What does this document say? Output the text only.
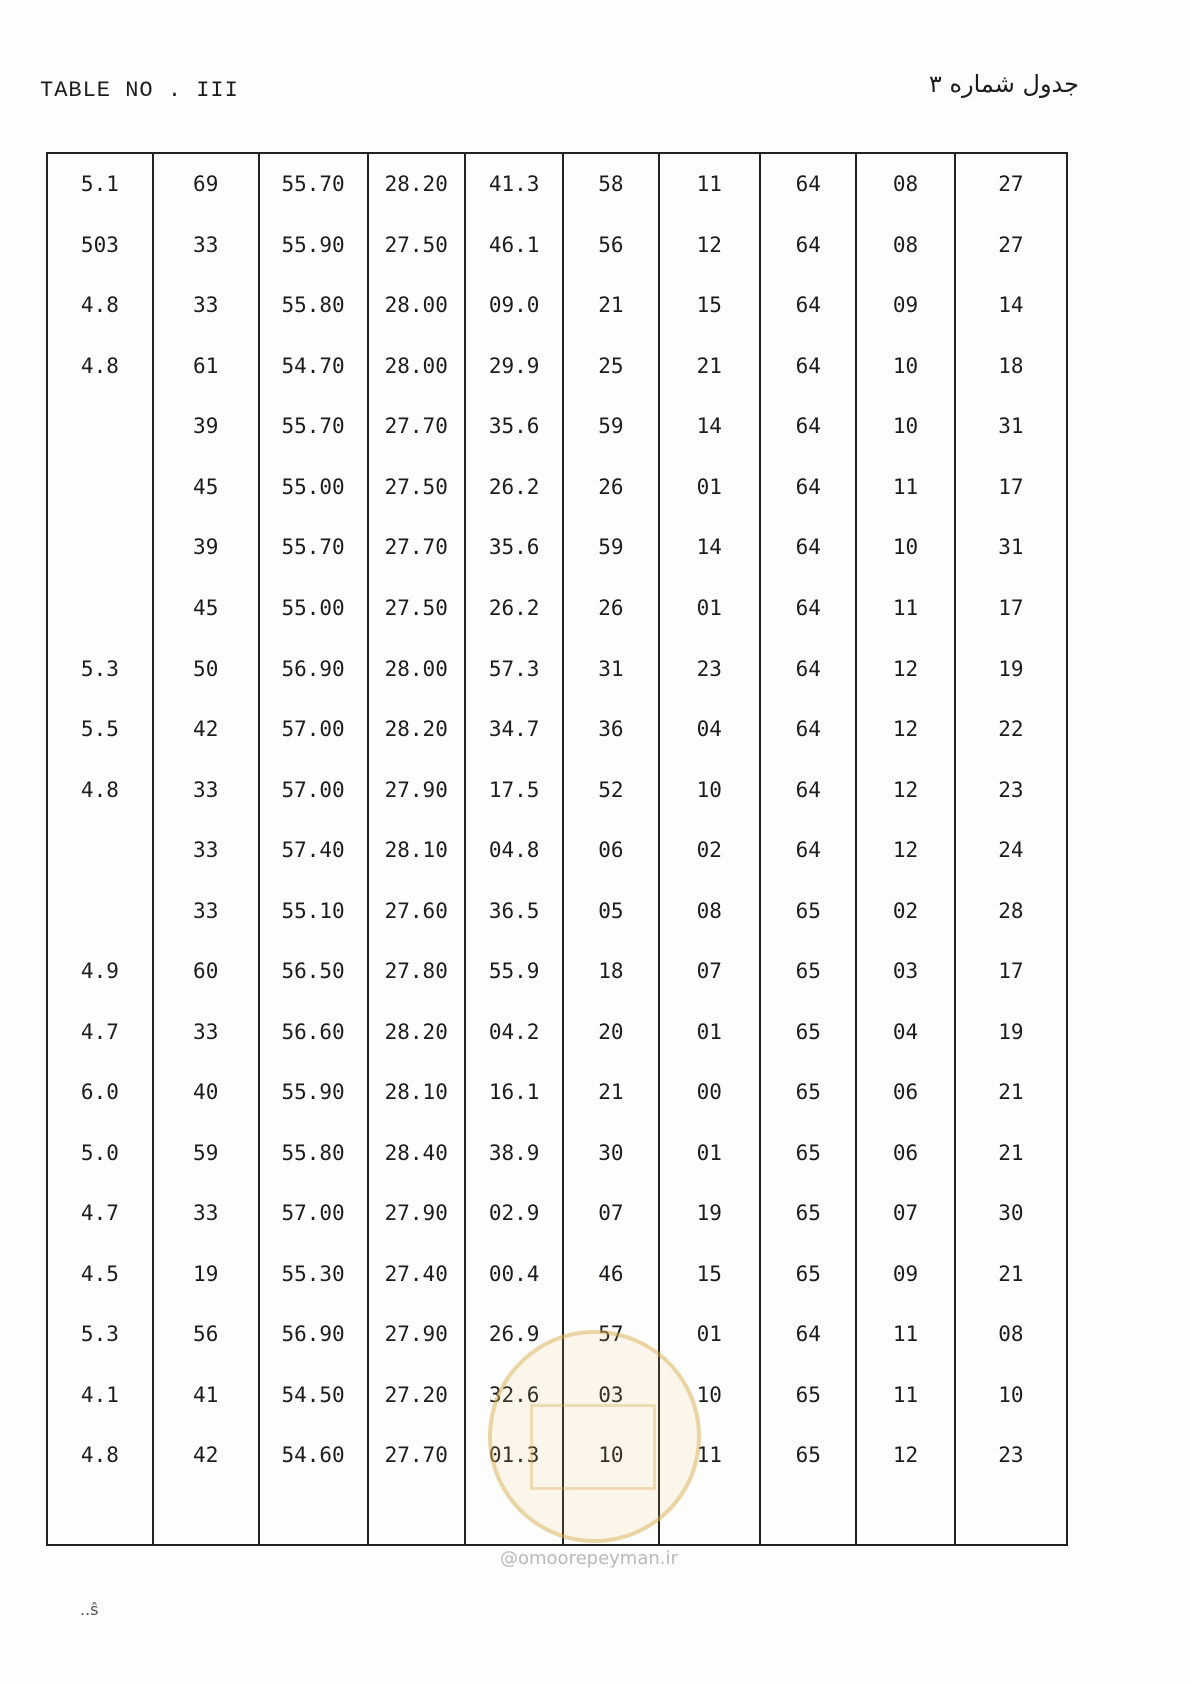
TABLE NO . III	جدول شماره ۳
5.1	69	55.70	28.20	41.3	58	11	64	08	27
503	33	55.90	27.50	46.1	56	12	64	08	27
4.8	33	55.80	28.00	09.0	21	15	64	09	14
4.8	61	54.70	28.00	29.9	25	21	64	10	18
	39	55.70	27.70	35.6	59	14	64	10	31
	45	55.00	27.50	26.2	26	01	64	11	17
	39	55.70	27.70	35.6	59	14	64	10	31
	45	55.00	27.50	26.2	26	01	64	11	17
5.3	50	56.90	28.00	57.3	31	23	64	12	19
5.5	42	57.00	28.20	34.7	36	04	64	12	22
4.8	33	57.00	27.90	17.5	52	10	64	12	23
	33	57.40	28.10	04.8	06	02	64	12	24
	33	55.10	27.60	36.5	05	08	65	02	28
4.9	60	56.50	27.80	55.9	18	07	65	03	17
4.7	33	56.60	28.20	04.2	20	01	65	04	19
6.0	40	55.90	28.10	16.1	21	00	65	06	21
5.0	59	55.80	28.40	38.9	30	01	65	06	21
4.7	33	57.00	27.90	02.9	07	19	65	07	30
4.5	19	55.30	27.40	00.4	46	15	65	09	21
5.3	56	56.90	27.90	26.9	57	01	64	11	08
4.1	41	54.50	27.20	32.6	03	10	65	11	10
4.8	42	54.60	27.70	01.3	10	11	65	12	23

@omoorepeyman.ir
..ŝ
